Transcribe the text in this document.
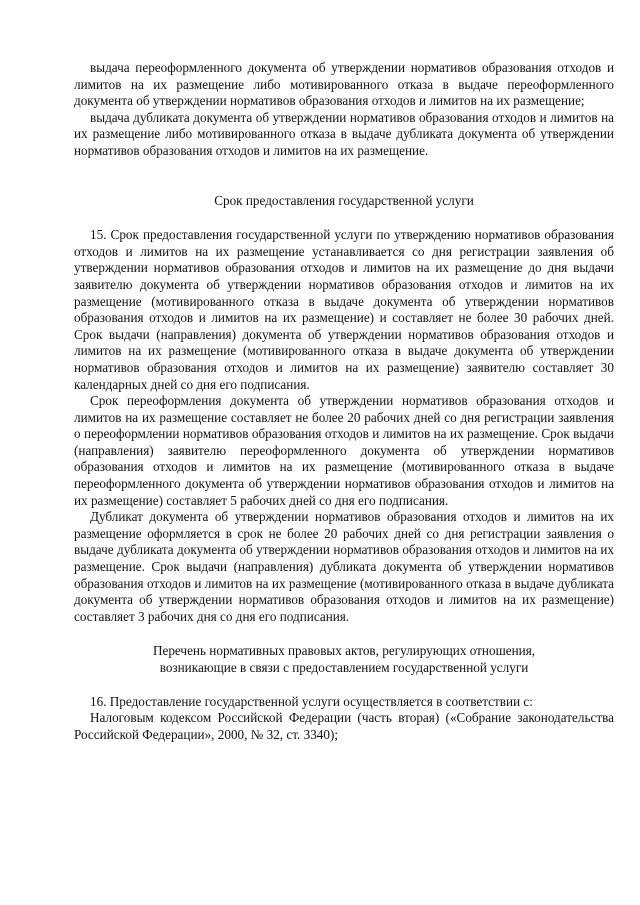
выдача переоформленного документа об утверждении нормативов образования отходов и лимитов на их размещение либо мотивированного отказа в выдаче переоформленного документа об утверждении нормативов образования отходов и лимитов на их размещение;

выдача дубликата документа об утверждении нормативов образования отходов и лимитов на их размещение либо мотивированного отказа в выдаче дубликата документа об утверждении нормативов образования отходов и лимитов на их размещение.

Срок предоставления государственной услуги

15. Срок предоставления государственной услуги по утверждению нормативов образования отходов и лимитов на их размещение устанавливается со дня регистрации заявления об утверждении нормативов образования отходов и лимитов на их размещение до дня выдачи заявителю документа об утверждении нормативов образования отходов и лимитов на их размещение (мотивированного отказа в выдаче документа об утверждении нормативов образования отходов и лимитов на их размещение) и составляет не более 30 рабочих дней. Срок выдачи (направления) документа об утверждении нормативов образования отходов и лимитов на их размещение (мотивированного отказа в выдаче документа об утверждении нормативов образования отходов и лимитов на их размещение) заявителю составляет 30 календарных дней со дня его подписания.

Срок переоформления документа об утверждении нормативов образования отходов и лимитов на их размещение составляет не более 20 рабочих дней со дня регистрации заявления о переоформлении нормативов образования отходов и лимитов на их размещение. Срок выдачи (направления) заявителю переоформленного документа об утверждении нормативов образования отходов и лимитов на их размещение (мотивированного отказа в выдаче переоформленного документа об утверждении нормативов образования отходов и лимитов на их размещение) составляет 5 рабочих дней со дня его подписания.

Дубликат документа об утверждении нормативов образования отходов и лимитов на их размещение оформляется в срок не более 20 рабочих дней со дня регистрации заявления о выдаче дубликата документа об утверждении нормативов образования отходов и лимитов на их размещение. Срок выдачи (направления) дубликата документа об утверждении нормативов образования отходов и лимитов на их размещение (мотивированного отказа в выдаче дубликата документа об утверждении нормативов образования отходов и лимитов на их размещение) составляет 3 рабочих дня со дня его подписания.

Перечень нормативных правовых актов, регулирующих отношения,
возникающие в связи с предоставлением государственной услуги

16. Предоставление государственной услуги осуществляется в соответствии с:

Налоговым кодексом Российской Федерации (часть вторая) («Собрание законодательства Российской Федерации», 2000, № 32, ст. 3340);
